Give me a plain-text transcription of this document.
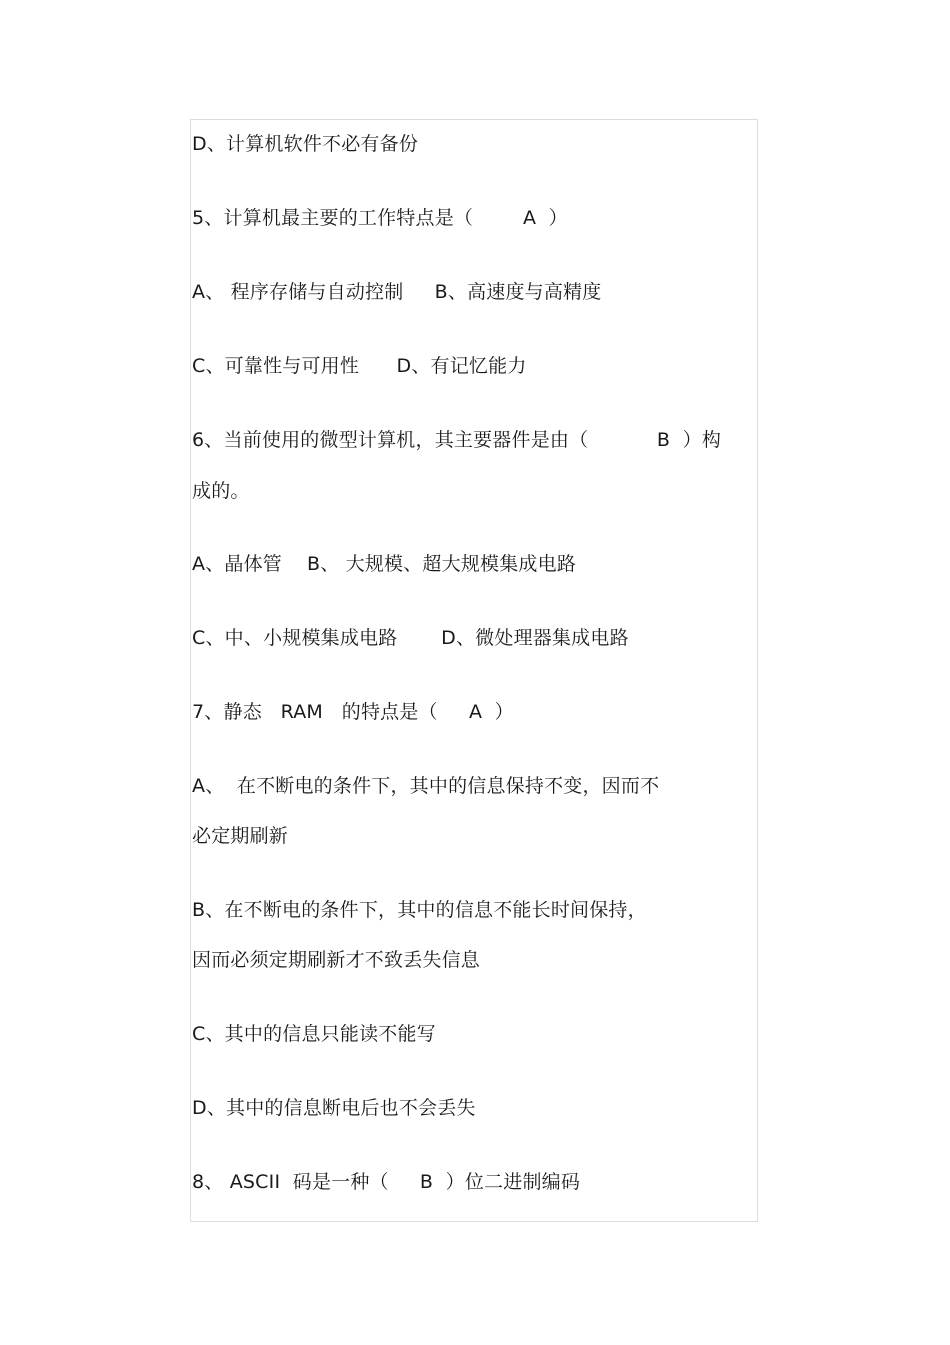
D、计算机软件不必有备份
5、计算机最主要的工作特点是（        A  ）
A、 程序存储与自动控制     B、高速度与高精度
C、可靠性与可用性      D、有记忆能力
6、当前使用的微型计算机，其主要器件是由（           B  ）构
成的。
A、晶体管    B、 大规模、超大规模集成电路
C、中、小规模集成电路       D、微处理器集成电路
7、静态   RAM   的特点是（     A  ）
A、  在不断电的条件下，其中的信息保持不变，因而不
必定期刷新
B、在不断电的条件下，其中的信息不能长时间保持，
因而必须定期刷新才不致丢失信息
C、其中的信息只能读不能写
D、其中的信息断电后也不会丢失
8、 ASCII  码是一种（     B  ）位二进制编码
